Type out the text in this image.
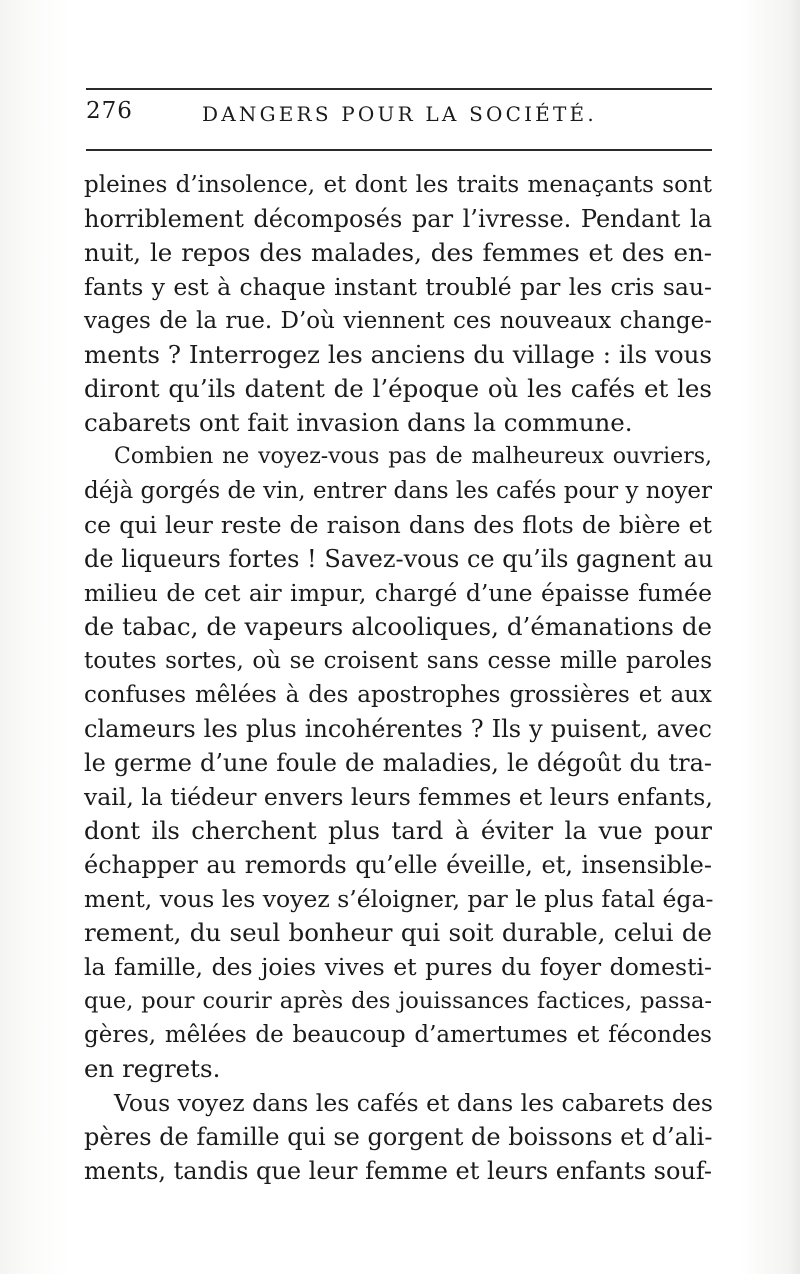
276	DANGERS POUR LA SOCIÉTÉ.
pleines d’insolence, et dont les traits menaçants sont
horriblement décomposés par l’ivresse. Pendant la
nuit, le repos des malades, des femmes et des en-
fants y est à chaque instant troublé par les cris sau-
vages de la rue. D’où viennent ces nouveaux change-
ments ? Interrogez les anciens du village : ils vous
diront qu’ils datent de l’époque où les cafés et les
cabarets ont fait invasion dans la commune.
Combien ne voyez-vous pas de malheureux ouvriers,
déjà gorgés de vin, entrer dans les cafés pour y noyer
ce qui leur reste de raison dans des flots de bière et
de liqueurs fortes ! Savez-vous ce qu’ils gagnent au
milieu de cet air impur, chargé d’une épaisse fumée
de tabac, de vapeurs alcooliques, d’émanations de
toutes sortes, où se croisent sans cesse mille paroles
confuses mêlées à des apostrophes grossières et aux
clameurs les plus incohérentes ? Ils y puisent, avec
le germe d’une foule de maladies, le dégoût du tra-
vail, la tiédeur envers leurs femmes et leurs enfants,
dont ils cherchent plus tard à éviter la vue pour
échapper au remords qu’elle éveille, et, insensible-
ment, vous les voyez s’éloigner, par le plus fatal éga-
rement, du seul bonheur qui soit durable, celui de
la famille, des joies vives et pures du foyer domesti-
que, pour courir après des jouissances factices, passa-
gères, mêlées de beaucoup d’amertumes et fécondes
en regrets.
Vous voyez dans les cafés et dans les cabarets des
pères de famille qui se gorgent de boissons et d’ali-
ments, tandis que leur femme et leurs enfants souf-
